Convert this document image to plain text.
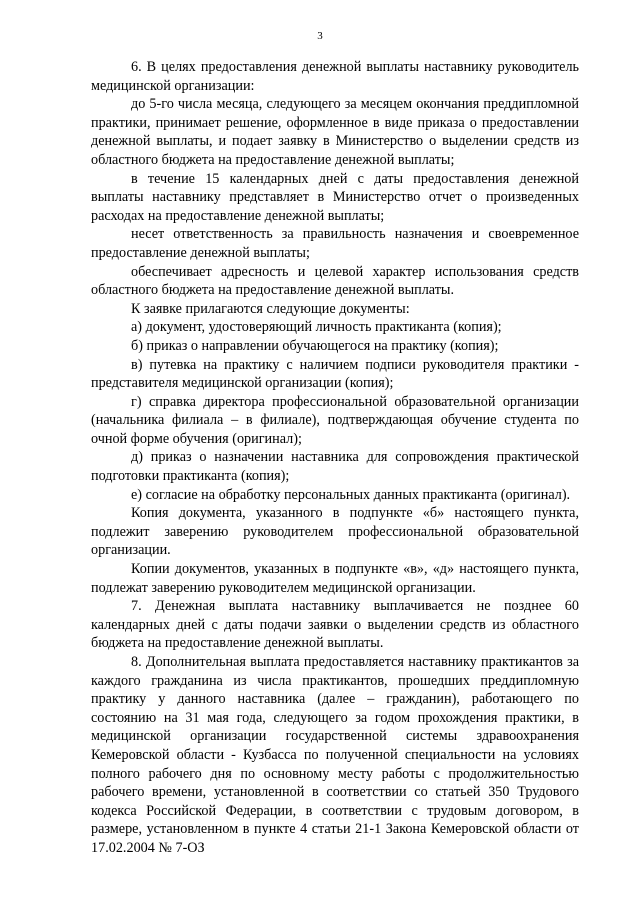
3

6. В целях предоставления денежной выплаты наставнику руководитель медицинской организации:

до 5-го числа месяца, следующего за месяцем окончания преддипломной практики, принимает решение, оформленное в виде приказа о предоставлении денежной выплаты, и подает заявку в Министерство о выделении средств из областного бюджета на предоставление денежной выплаты;

в течение 15 календарных дней с даты предоставления денежной выплаты наставнику представляет в Министерство отчет о произведенных расходах на предоставление денежной выплаты;

несет ответственность за правильность назначения и своевременное предоставление денежной выплаты;

обеспечивает адресность и целевой характер использования средств областного бюджета на предоставление денежной выплаты.

К заявке прилагаются следующие документы:

а) документ, удостоверяющий личность практиканта (копия);

б) приказ о направлении обучающегося на практику (копия);

в) путевка на практику с наличием подписи руководителя практики - представителя медицинской организации (копия);

г) справка директора профессиональной образовательной организации (начальника филиала – в филиале), подтверждающая обучение студента по очной форме обучения (оригинал);

д) приказ о назначении наставника для сопровождения практической подготовки практиканта (копия);

е) согласие на обработку персональных данных практиканта (оригинал).

Копия документа, указанного в подпункте «б» настоящего пункта, подлежит заверению руководителем профессиональной образовательной организации.

Копии документов, указанных в подпункте «в», «д» настоящего пункта, подлежат заверению руководителем медицинской организации.

7. Денежная выплата наставнику выплачивается не позднее 60 календарных дней с даты подачи заявки о выделении средств из областного бюджета на предоставление денежной выплаты.

8. Дополнительная выплата предоставляется наставнику практикантов за каждого гражданина из числа практикантов, прошедших преддипломную практику у данного наставника (далее – гражданин), работающего по состоянию на 31 мая года, следующего за годом прохождения практики, в медицинской организации государственной системы здравоохранения Кемеровской области - Кузбасса по полученной специальности на условиях полного рабочего дня по основному месту работы с продолжительностью рабочего времени, установленной в соответствии со статьей 350 Трудового кодекса Российской Федерации, в соответствии с трудовым договором, в размере, установленном в пункте 4 статьи 21-1 Закона Кемеровской области от 17.02.2004 № 7-ОЗ
